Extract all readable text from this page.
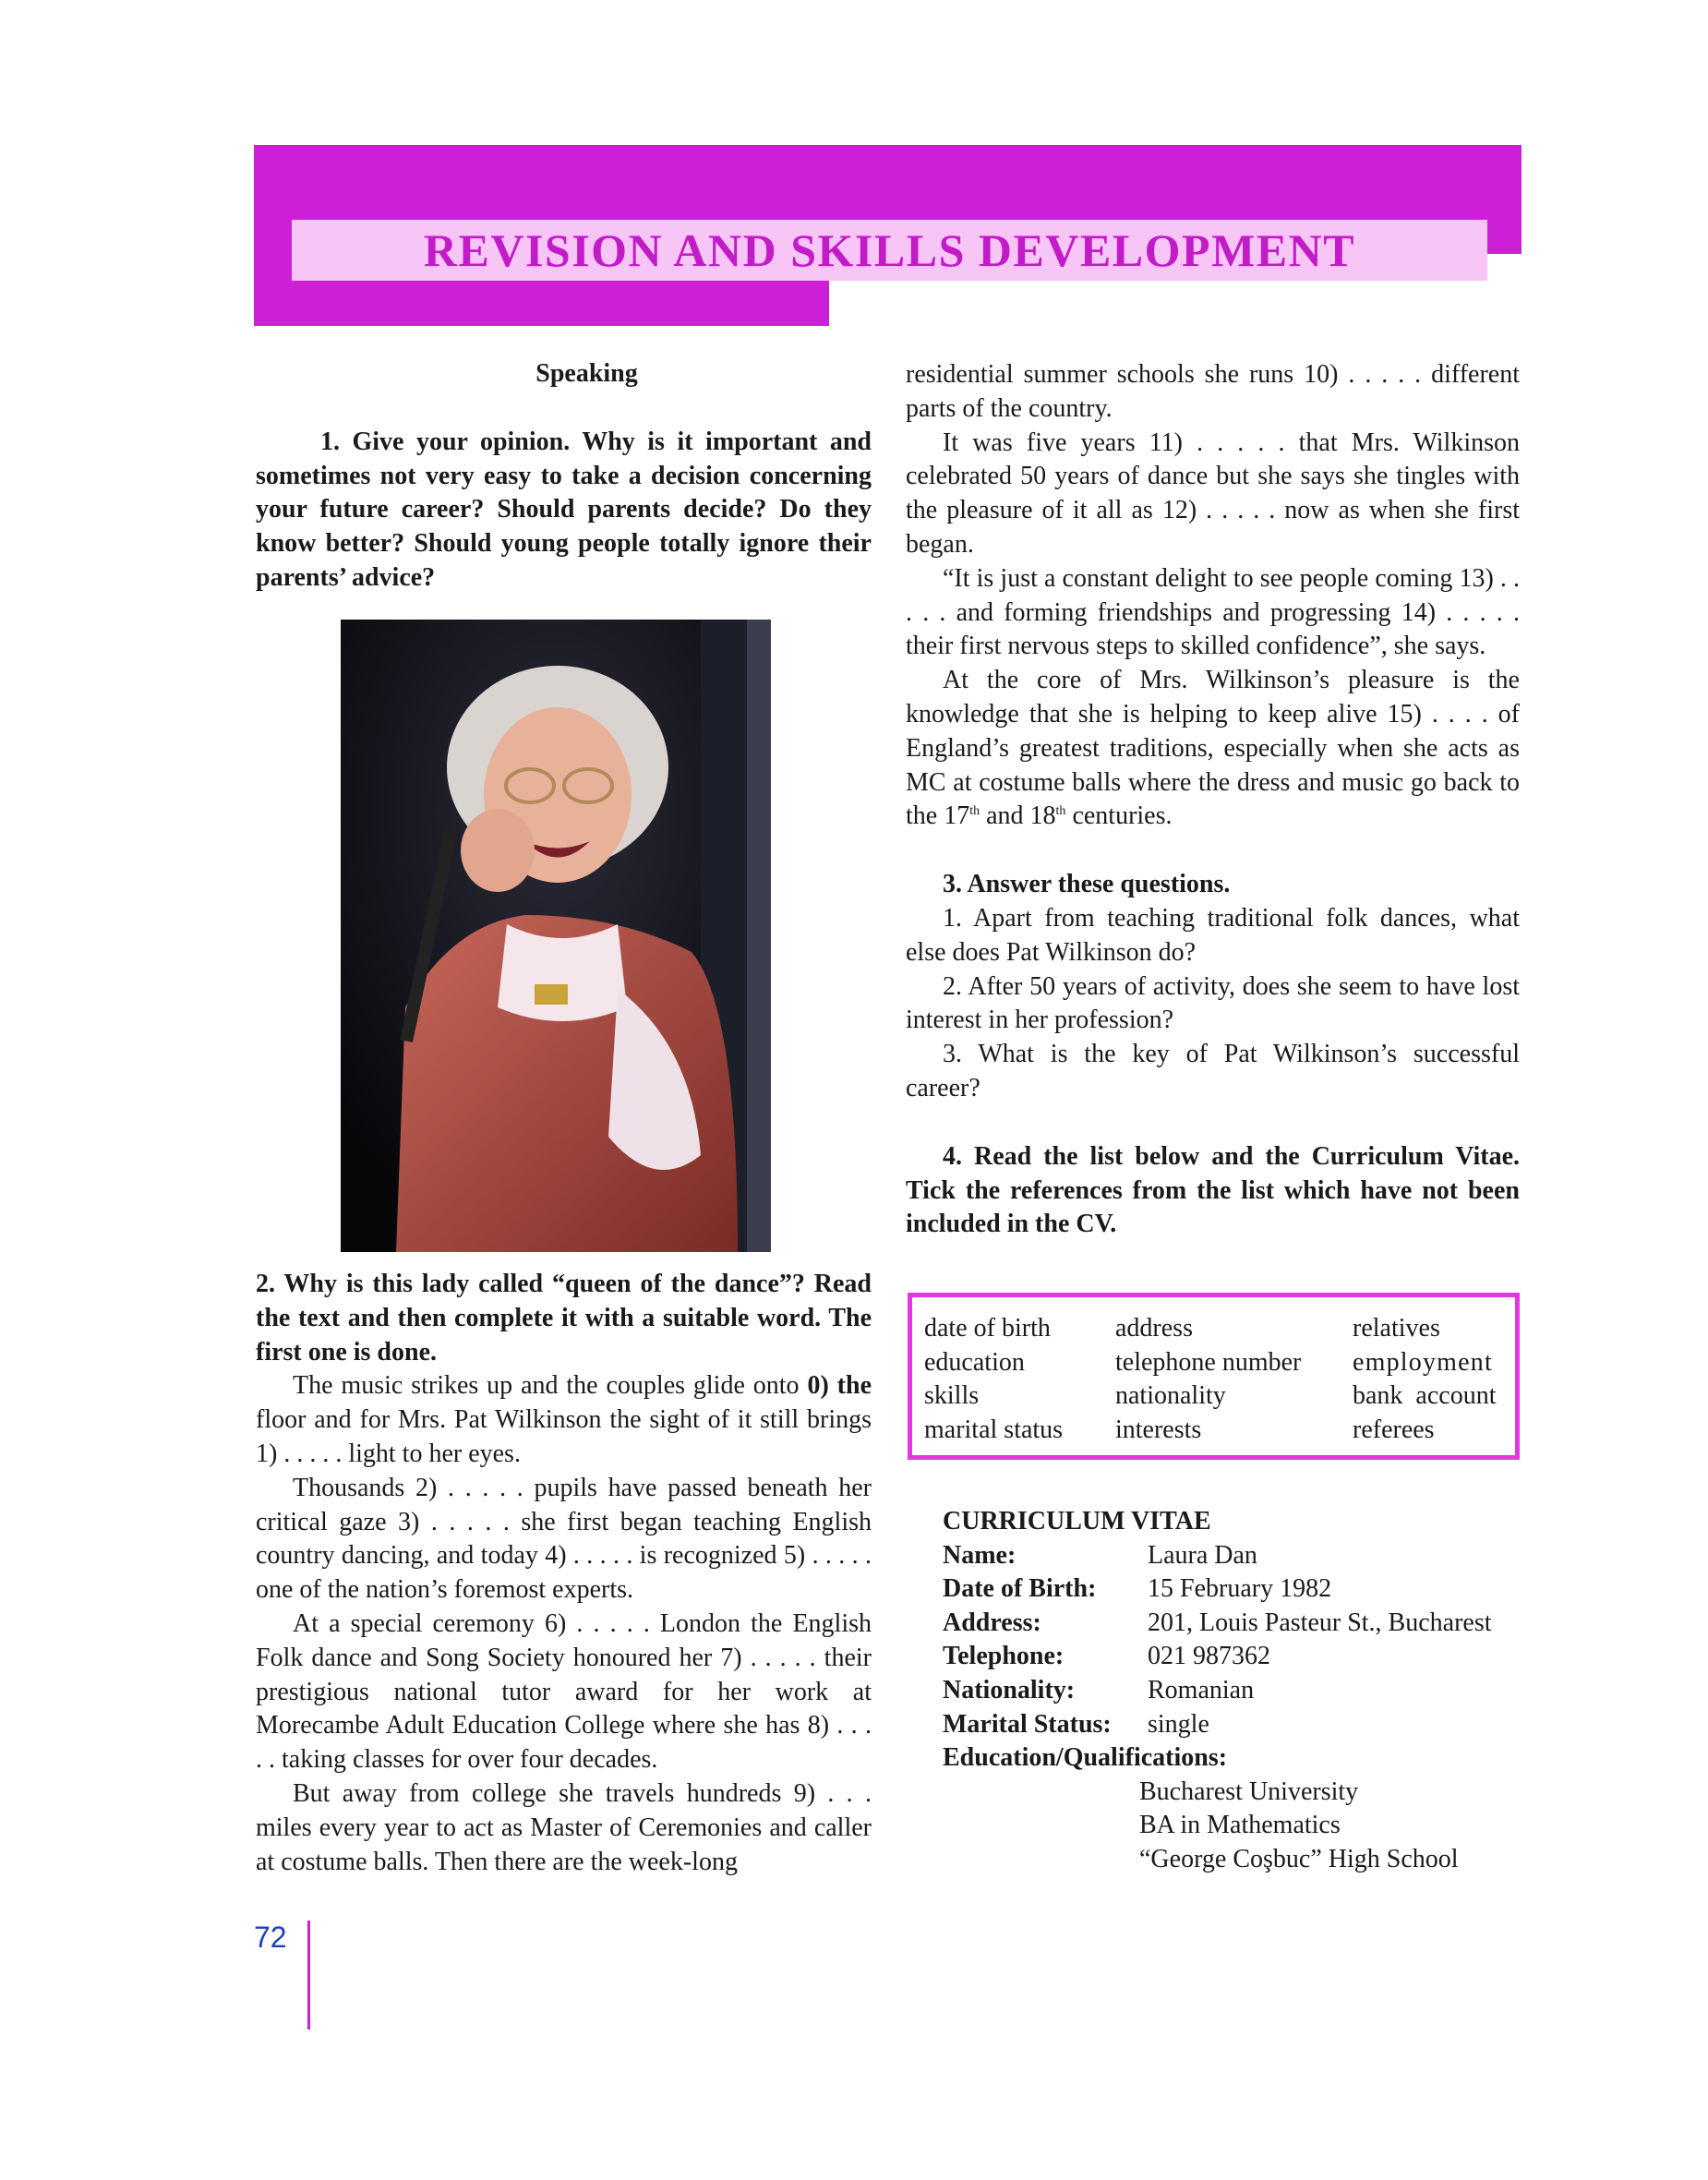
REVISION AND SKILLS DEVELOPMENT

Speaking

1. Give your opinion. Why is it important and sometimes not very easy to take a decision concerning your future career? Should parents decide? Do they know better? Should young people totally ignore their parents’ advice?

2. Why is this lady called “queen of the dance”? Read the text and then complete it with a suitable word. The first one is done.

The music strikes up and the couples glide onto 0) the floor and for Mrs. Pat Wilkinson the sight of it still brings 1) . . . . . light to her eyes.

Thousands 2) . . . . . pupils have passed beneath her critical gaze 3) . . . . . she first began teaching English country dancing, and today 4) . . . . . is recognized 5) . . . . . one of the nation’s foremost experts.

At a special ceremony 6) . . . . . London the English Folk dance and Song Society honoured her 7) . . . . . their prestigious national tutor award for her work at Morecambe Adult Education College where she has 8) . . . . . taking classes for over four decades.

But away from college she travels hundreds 9) . . . miles every year to act as Master of Ceremonies and caller at costume balls. Then there are the week-long

residential summer schools she runs 10) . . . . . different parts of the country.

It was five years 11) . . . . . that Mrs. Wilkinson celebrated 50 years of dance but she says she tingles with the pleasure of it all as 12) . . . . . now as when she first began.

“It is just a constant delight to see people coming 13) . . . . . and forming friendships and progressing 14) . . . . . their first nervous steps to skilled confidence”, she says.

At the core of Mrs. Wilkinson’s pleasure is the knowledge that she is helping to keep alive 15) . . . . of England’s greatest traditions, especially when she acts as MC at costume balls where the dress and music go back to the 17th and 18th centuries.

3. Answer these questions.

1. Apart from teaching traditional folk dances, what else does Pat Wilkinson do?

2. After 50 years of activity, does she seem to have lost interest in her profession?

3. What is the key of Pat Wilkinson’s successful career?

4. Read the list below and the Curriculum Vitae. Tick the references from the list which have not been included in the CV.

date of birth	address	relatives
education	telephone number	employment
skills	nationality	bank  account
marital status	interests	referees
CURRICULUM VITAE
Name:	Laura Dan
Date of Birth:	15 February 1982
Address:	201, Louis Pasteur St., Bucharest
Telephone:	021 987362
Nationality:	Romanian
Marital Status:	single
Education/Qualifications:
Bucharest University
BA in Mathematics
“George Coşbuc” High School
72
